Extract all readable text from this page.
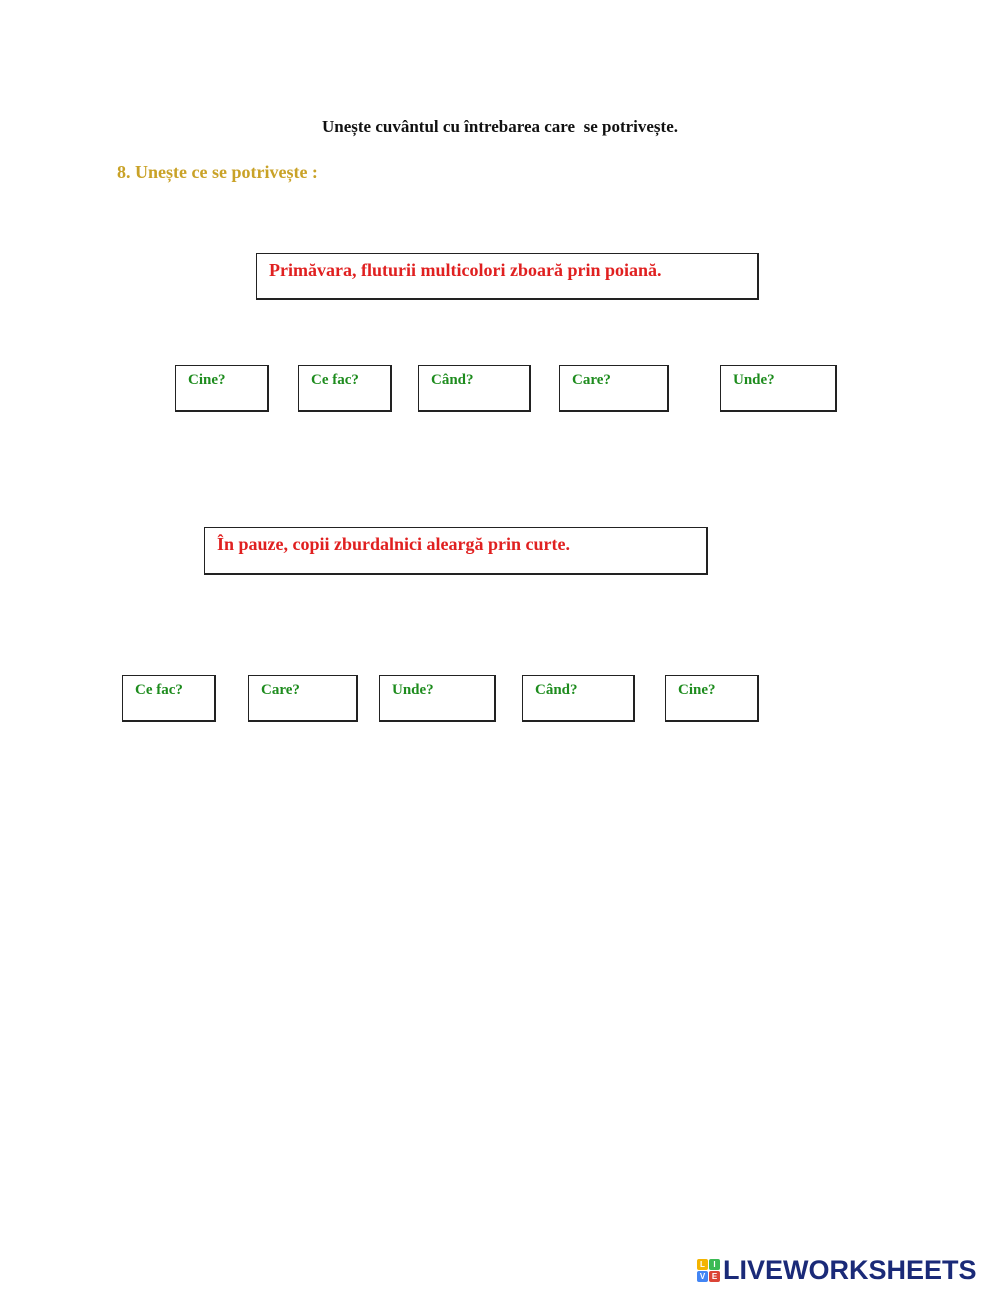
Unește cuvântul cu întrebarea care  se potrivește.
8. Unește ce se potrivește :
Primăvara, fluturii multicolori zboară prin poiană.
Cine?	Ce fac?	Când?	Care?	Unde?
În pauze, copii zburdalnici aleargă prin curte.
Ce fac?	Care?	Unde?	Când?	Cine?
L	I
V E LIVEWORKSHEETS
